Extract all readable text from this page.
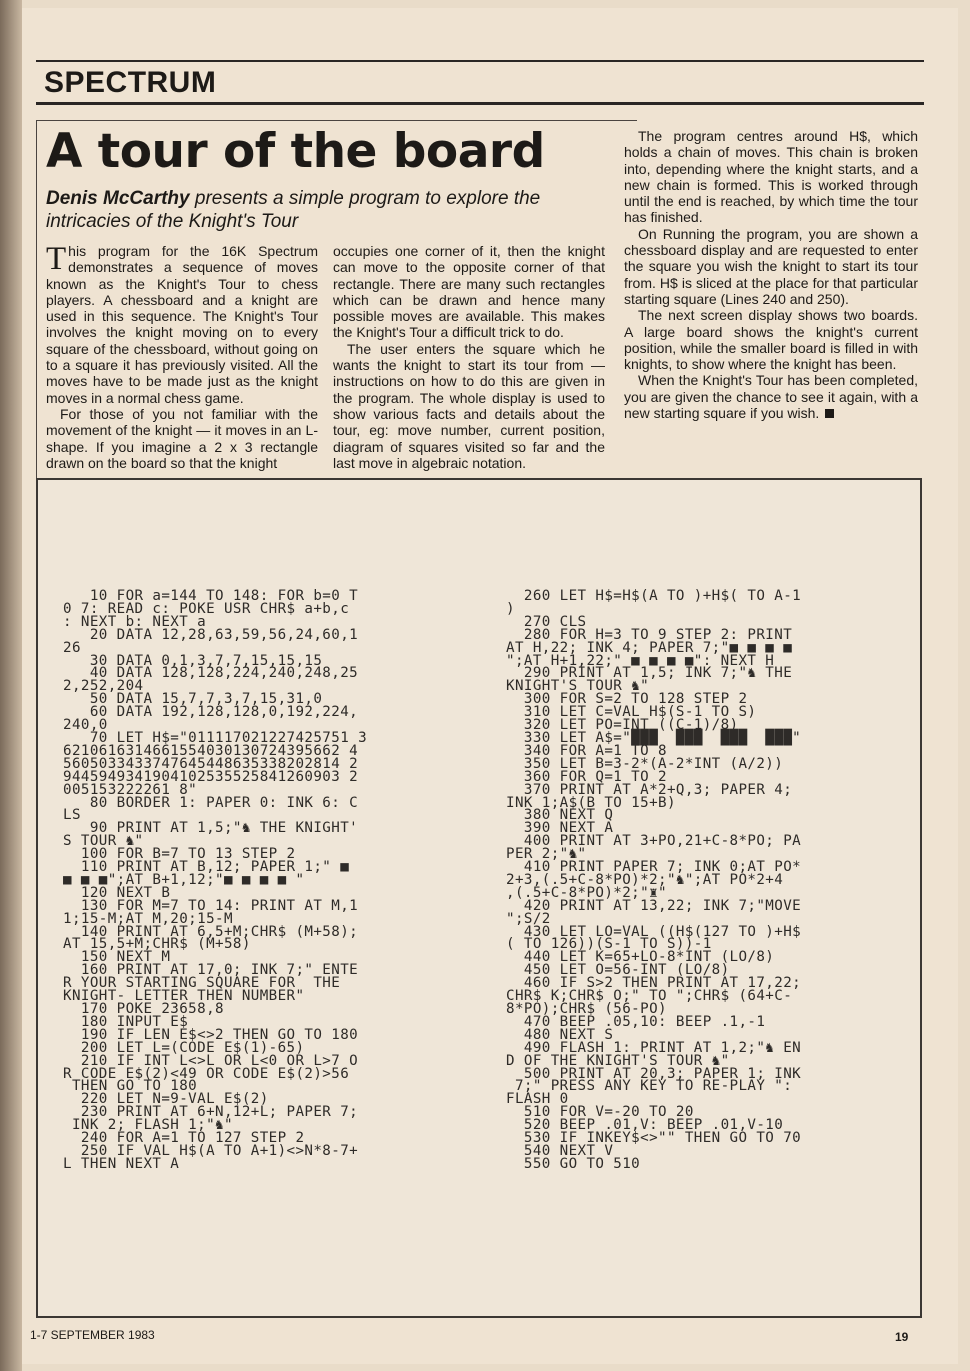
SPECTRUM
A tour of the board
Denis McCarthy presents a simple program to explore the intricacies of the Knight's Tour

This program for the 16K Spectrum demonstrates a sequence of moves known as the Knight's Tour to chess players. A chessboard and a knight are used in this sequence. The Knight's Tour involves the knight moving on to every square of the chessboard, without going on to a square it has previously visited. All the moves have to be made just as the knight moves in a normal chess game.

For those of you not familiar with the movement of the knight — it moves in an L-shape. If you imagine a 2 x 3 rectangle drawn on the board so that the knight

occupies one corner of it, then the knight can move to the opposite corner of that rectangle. There are many such rectangles which can be drawn and hence many possible moves are available. This makes the Knight's Tour a difficult trick to do.

The user enters the square which he wants the knight to start its tour from — instructions on how to do this are given in the program. The whole display is used to show various facts and details about the tour, eg: move number, current position, diagram of squares visited so far and the last move in algebraic notation.

The program centres around H$, which holds a chain of moves. This chain is broken into, depending where the knight starts, and a new chain is formed. This is worked through until the end is reached, by which time the tour has finished.

On Running the program, you are shown a chessboard display and are requested to enter the square you wish the knight to start its tour from. H$ is sliced at the place for that particular starting square (Lines 240 and 250).

The next screen display shows two boards. A large board shows the knight's current position, while the smaller board is filled in with knights, to show where the knight has been.

When the Knight's Tour has been completed, you are given the chance to see it again, with a new starting square if you wish.

10 FOR a=144 TO 148: FOR b=0 T
0 7: READ c: POKE USR CHR$ a+b,c
: NEXT b: NEXT a
20 DATA 12,28,63,59,56,24,60,1
26
30 DATA 0,1,3,7,7,15,15,15
40 DATA 128,128,224,240,248,25
2,252,204
50 DATA 15,7,7,3,7,15,31,0
60 DATA 192,128,128,0,192,224,
240,0
70 LET H$="011117021227425751 3
6210616314661554030130724395662 4
5605033433747645448635338202814 2
9445949341904102535525841260903 2
005153222261 8"
80 BORDER 1: PAPER 0: INK 6: C
LS
90 PRINT AT 1,5;"♞ THE KNIGHT'
S TOUR ♞"
100 FOR B=7 TO 13 STEP 2
110 PRINT AT B,12; PAPER 1;" ■
■ ■ ■";AT B+1,12;"■ ■ ■ ■ "
120 NEXT B
130 FOR M=7 TO 14: PRINT AT M,1
1;15-M;AT M,20;15-M
140 PRINT AT 6,5+M;CHR$ (M+58);
AT 15,5+M;CHR$ (M+58)
150 NEXT M
160 PRINT AT 17,0; INK 7;" ENTE
R YOUR STARTING SQUARE FOR  THE
KNIGHT- LETTER THEN NUMBER"
170 POKE 23658,8
180 INPUT E$
190 IF LEN E$<>2 THEN GO TO 180
200 LET L=(CODE E$(1)-65)
210 IF INT L<>L OR L<0 OR L>7 O
R CODE E$(2)<49 OR CODE E$(2)>56
THEN GO TO 180
220 LET N=9-VAL E$(2)
230 PRINT AT 6+N,12+L; PAPER 7;
INK 2; FLASH 1;"♞"
240 FOR A=1 TO 127 STEP 2
250 IF VAL H$(A TO A+1)<>N*8-7+
L THEN NEXT A
260 LET H$=H$(A TO )+H$( TO A-1
)
270 CLS
280 FOR H=3 TO 9 STEP 2: PRINT
AT H,22; INK 4; PAPER 7;"■ ■ ■ ■
";AT H+1,22;" ■ ■ ■ ■": NEXT H
290 PRINT AT 1,5; INK 7;"♞ THE
KNIGHT'S TOUR ♞"
300 FOR S=2 TO 128 STEP 2
310 LET C=VAL H$(S-1 TO S)
320 LET PO=INT ((C-1)/8)
330 LET A$="███  ███  ███  ███"
340 FOR A=1 TO 8
350 LET B=3-2*(A-2*INT (A/2))
360 FOR Q=1 TO 2
370 PRINT AT A*2+Q,3; PAPER 4;
INK 1;A$(B TO 15+B)
380 NEXT Q
390 NEXT A
400 PRINT AT 3+PO,21+C-8*PO; PA
PER 2;"♞"
410 PRINT PAPER 7; INK 0;AT PO*
2+3,(.5+C-8*PO)*2;"♞";AT PO*2+4
,(.5+C-8*PO)*2;"♜"
420 PRINT AT 13,22; INK 7;"MOVE
";S/2
430 LET LO=VAL ((H$(127 TO )+H$
( TO 126))(S-1 TO S))-1
440 LET K=65+LO-8*INT (LO/8)
450 LET O=56-INT (LO/8)
460 IF S>2 THEN PRINT AT 17,22;
CHR$ K;CHR$ O;" TO ";CHR$ (64+C-
8*PO);CHR$ (56-PO)
470 BEEP .05,10: BEEP .1,-1
480 NEXT S
490 FLASH 1: PRINT AT 1,2;"♞ EN
D OF THE KNIGHT'S TOUR ♞"
500 PRINT AT 20,3; PAPER 1; INK
7;" PRESS ANY KEY TO RE-PLAY ":
FLASH 0
510 FOR V=-20 TO 20
520 BEEP .01,V: BEEP .01,V-10
530 IF INKEY$<>"" THEN GO TO 70
540 NEXT V
550 GO TO 510
1-7 SEPTEMBER 1983	19
